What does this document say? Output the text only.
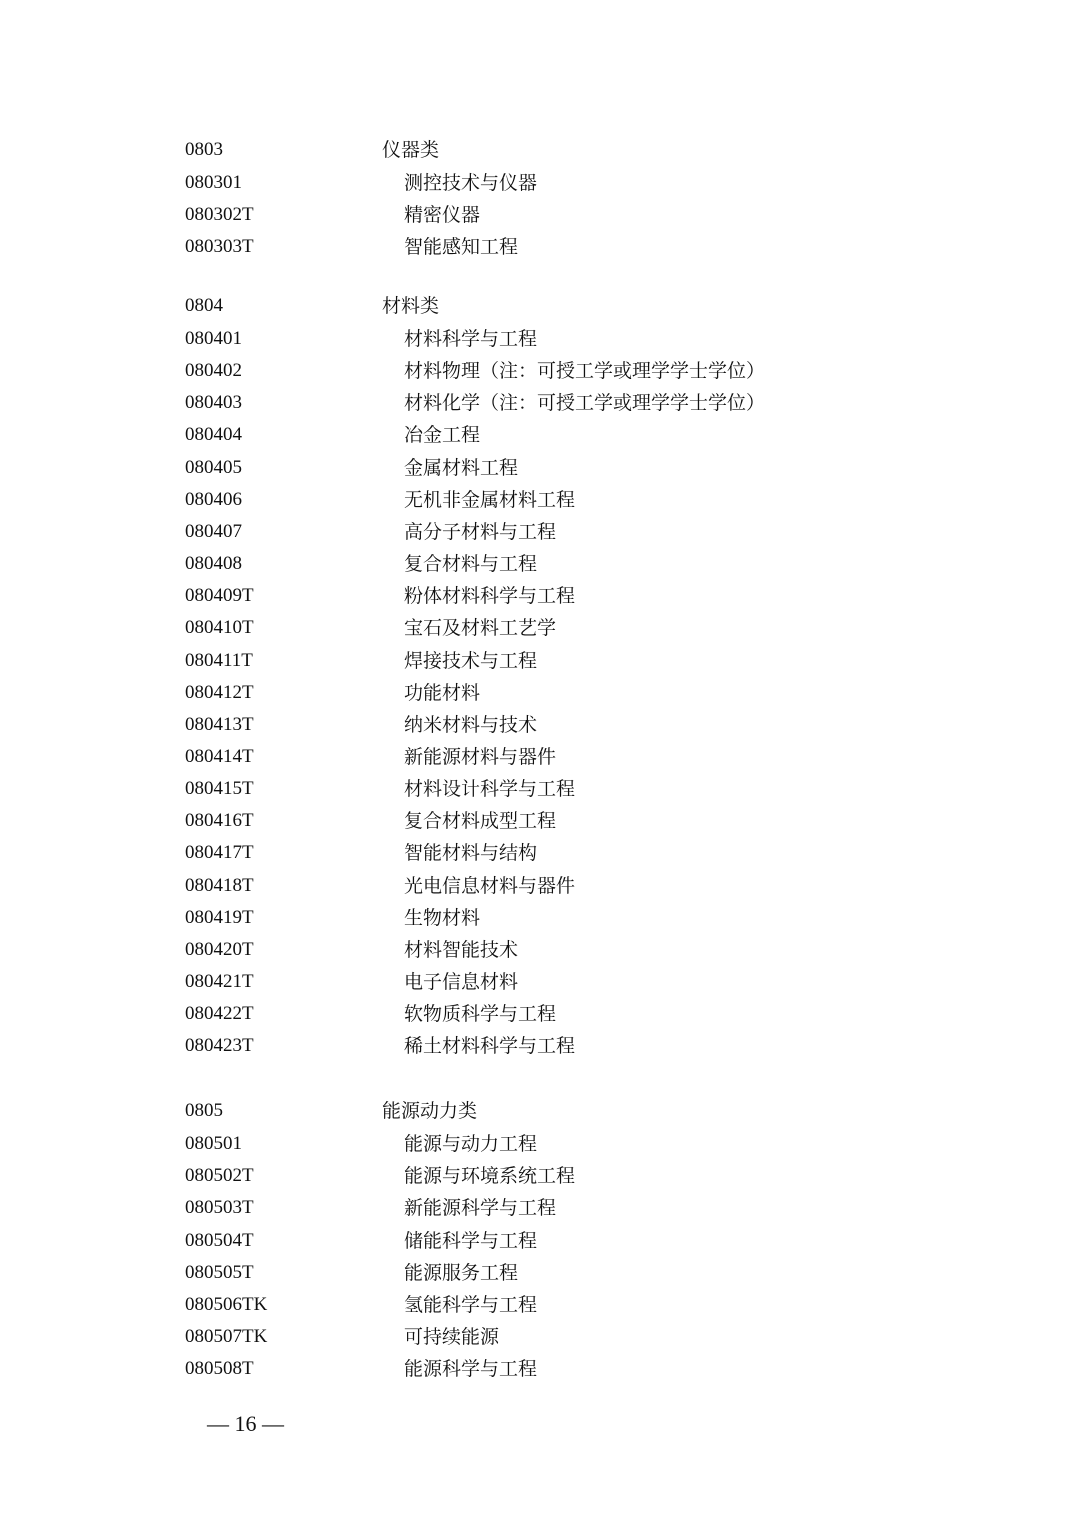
0803	仪器类
080301	测控技术与仪器
080302T	精密仪器
080303T	智能感知工程
0804	材料类
080401	材料科学与工程
080402	材料物理（注：可授工学或理学学士学位）
080403	材料化学（注：可授工学或理学学士学位）
080404	冶金工程
080405	金属材料工程
080406	无机非金属材料工程
080407	高分子材料与工程
080408	复合材料与工程
080409T	粉体材料科学与工程
080410T	宝石及材料工艺学
080411T	焊接技术与工程
080412T	功能材料
080413T	纳米材料与技术
080414T	新能源材料与器件
080415T	材料设计科学与工程
080416T	复合材料成型工程
080417T	智能材料与结构
080418T	光电信息材料与器件
080419T	生物材料
080420T	材料智能技术
080421T	电子信息材料
080422T	软物质科学与工程
080423T	稀土材料科学与工程
0805	能源动力类
080501	能源与动力工程
080502T	能源与环境系统工程
080503T	新能源科学与工程
080504T	储能科学与工程
080505T	能源服务工程
080506TK	氢能科学与工程
080507TK	可持续能源
080508T	能源科学与工程
— 16 —
